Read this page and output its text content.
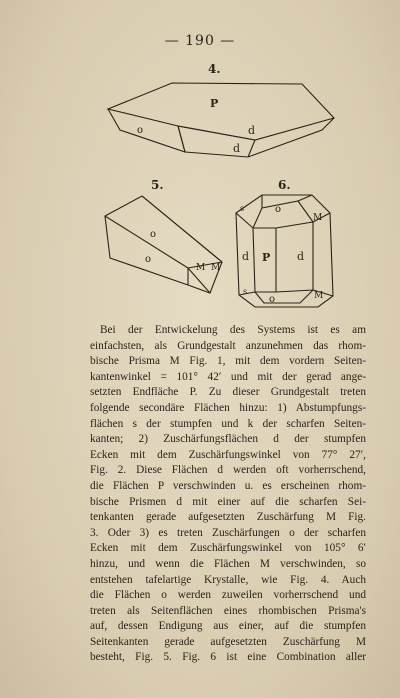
— 190 —
4.
P
o	d
d
5.
o
o
M M
6.
s
M
o
d P d
o
s	M
Bei der Entwickelung des Systems ist es am
einfachsten, als Grundgestalt anzunehmen das rhom-
bische Prisma M Fig. 1, mit dem vordern Seiten-
kantenwinkel = 101° 42′ und mit der gerad ange-
setzten Endfläche P. Zu dieser Grundgestalt treten
folgende secondäre Flächen hinzu: 1) Abstumpfungs-
flächen s der stumpfen und k der scharfen Seiten-
kanten; 2) Zuschärfungsflächen d der stumpfen
Ecken mit dem Zuschärfungswinkel von 77° 27′,
Fig. 2. Diese Flächen d werden oft vorherrschend,
die Flächen P verschwinden u. es erscheinen rhom-
bische Prismen d mit einer auf die scharfen Sei-
tenkanten gerade aufgesetzten Zuschärfung M Fig.
3. Oder 3) es treten Zuschärfungen o der scharfen
Ecken mit dem Zuschärfungswinkel von 105° 6′
hinzu, und wenn die Flächen M verschwinden, so
entstehen tafelartige Krystalle, wie Fig. 4. Auch
die Flächen o werden zuweilen vorherrschend und
treten als Seitenflächen eines rhombischen Prisma's
auf, dessen Endigung aus einer, auf die stumpfen
Seitenkanten gerade aufgesetzten Zuschärfung M
besteht, Fig. 5. Fig. 6 ist eine Combination aller
